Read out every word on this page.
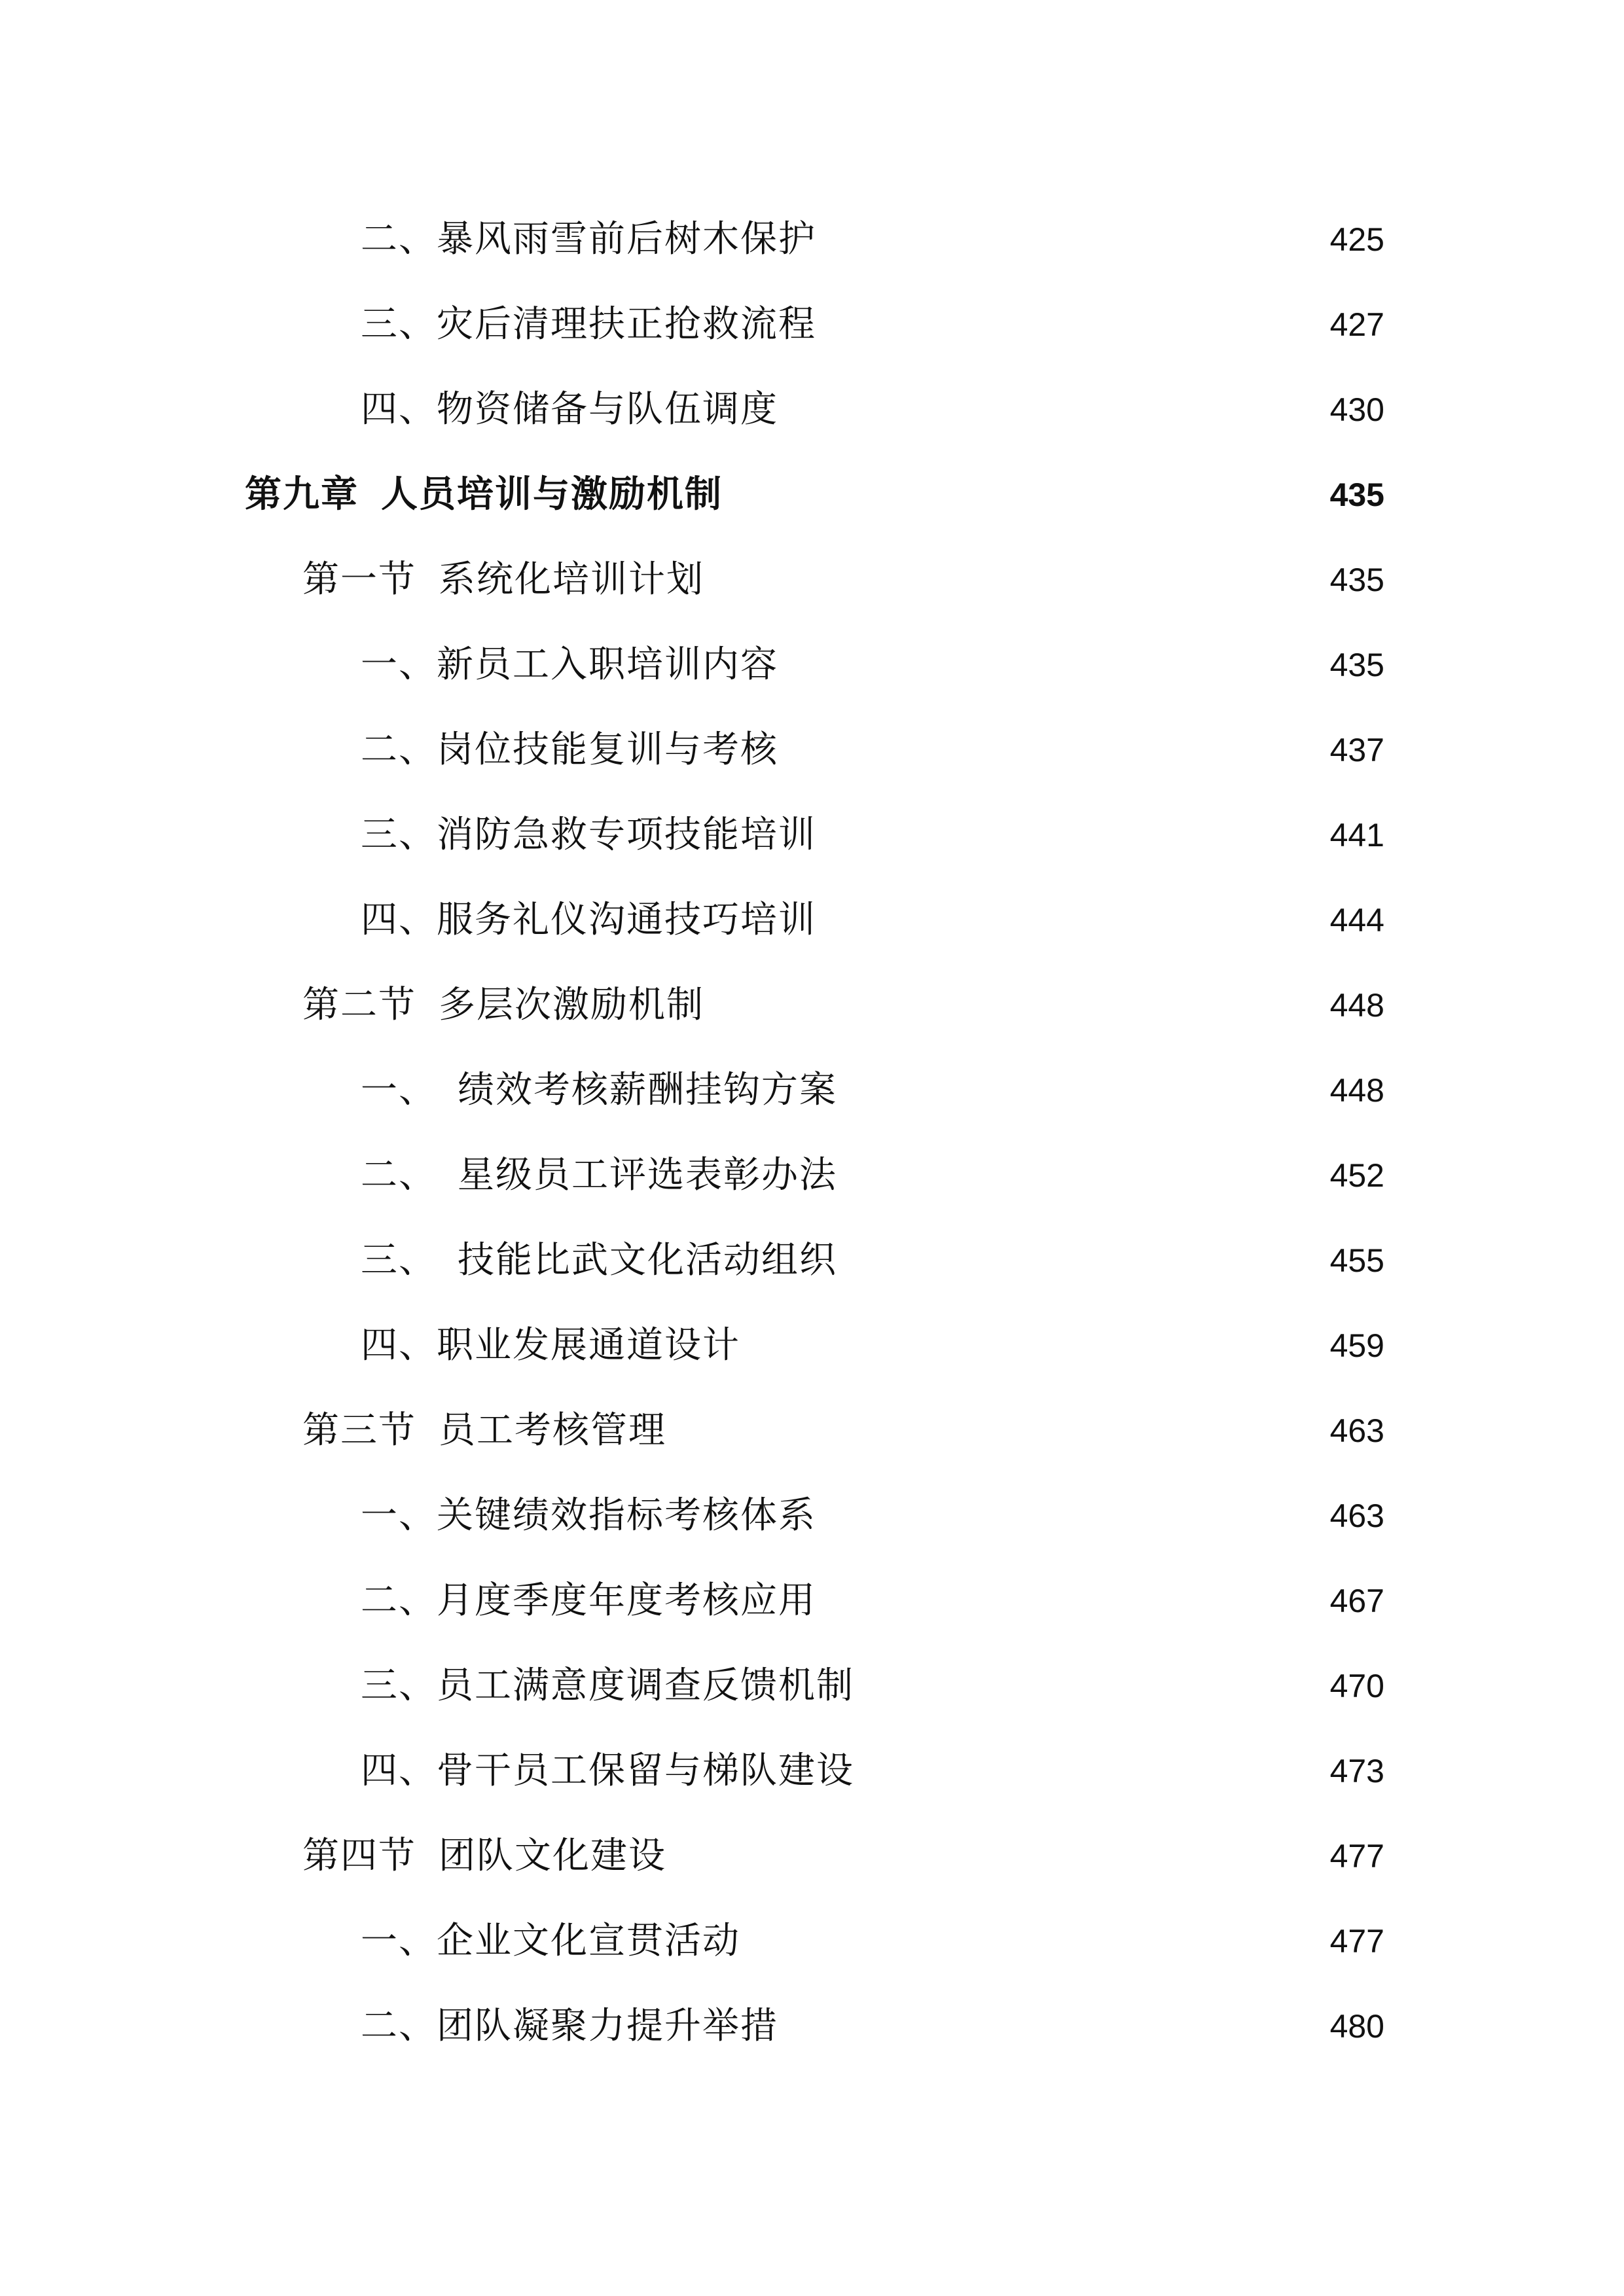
二、暴风雨雪前后树木保护	425
三、灾后清理扶正抢救流程	427
四、物资储备与队伍调度	430
第九章 人员培训与激励机制	435
第一节 系统化培训计划	435
一、新员工入职培训内容	435
二、岗位技能复训与考核	437
三、消防急救专项技能培训	441
四、服务礼仪沟通技巧培训	444
第二节 多层次激励机制	448
一、 绩效考核薪酬挂钩方案	448
二、 星级员工评选表彰办法	452
三、 技能比武文化活动组织	455
四、职业发展通道设计	459
第三节 员工考核管理	463
一、关键绩效指标考核体系	463
二、月度季度年度考核应用	467
三、员工满意度调查反馈机制	470
四、骨干员工保留与梯队建设	473
第四节 团队文化建设	477
一、企业文化宣贯活动	477
二、团队凝聚力提升举措	480
